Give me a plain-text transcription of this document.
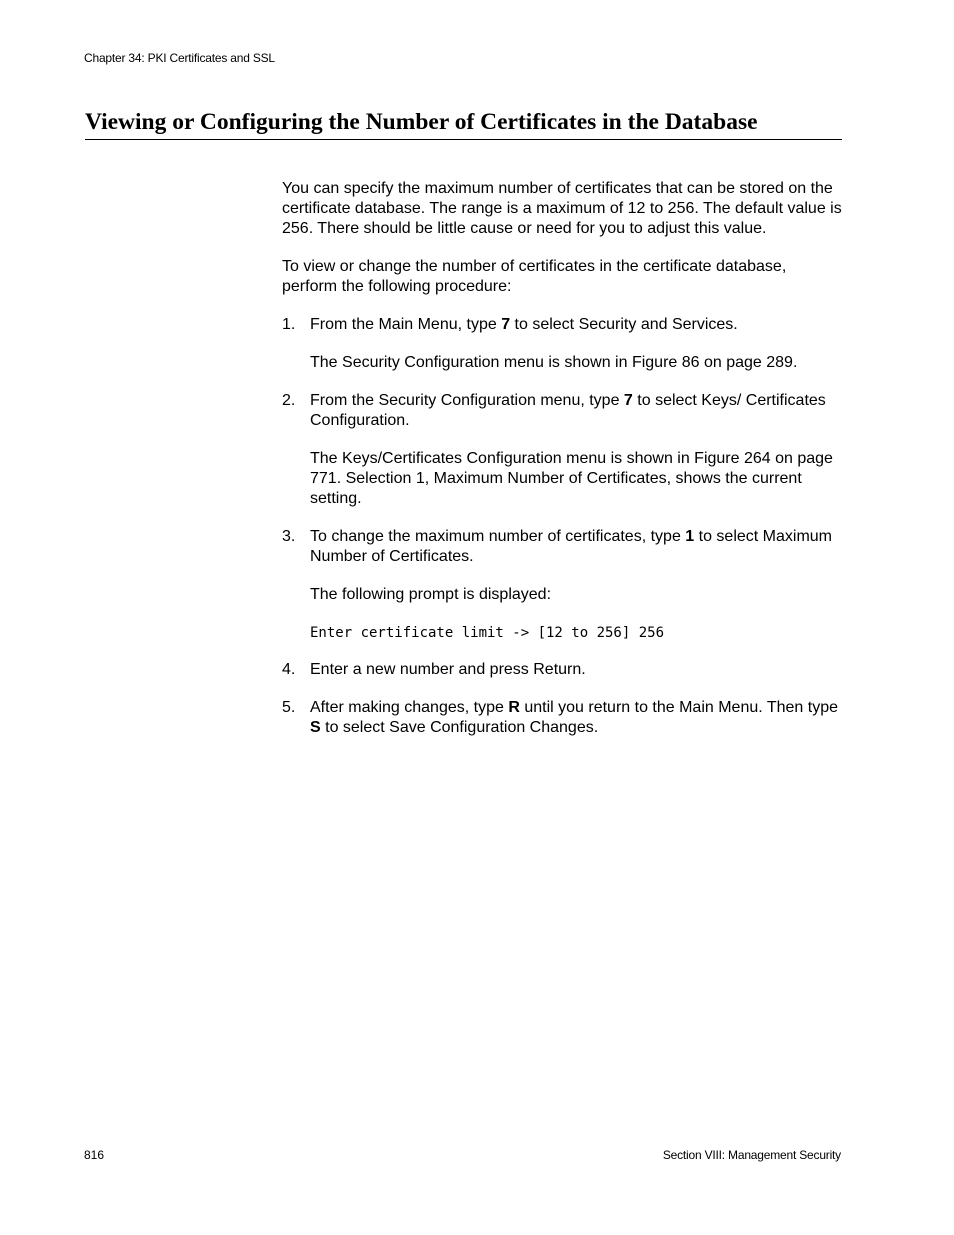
Chapter 34: PKI Certificates and SSL
Viewing or Configuring the Number of Certificates in the Database

You can specify the maximum number of certificates that can be stored on the certificate database. The range is a maximum of 12 to 256. The default value is 256. There should be little cause or need for you to adjust this value.

To view or change the number of certificates in the certificate database, perform the following procedure:

1. From the Main Menu, type 7 to select Security and Services.

The Security Configuration menu is shown in Figure 86 on page 289.

2. From the Security Configuration menu, type 7 to select Keys/ Certificates Configuration.

The Keys/Certificates Configuration menu is shown in Figure 264 on page 771. Selection 1, Maximum Number of Certificates, shows the current setting.

3. To change the maximum number of certificates, type 1 to select Maximum Number of Certificates.

The following prompt is displayed:

Enter certificate limit -> [12 to 256] 256
4. Enter a new number and press Return.
5. After making changes, type R until you return to the Main Menu. Then type S to select Save Configuration Changes.
816	Section VIII: Management Security
